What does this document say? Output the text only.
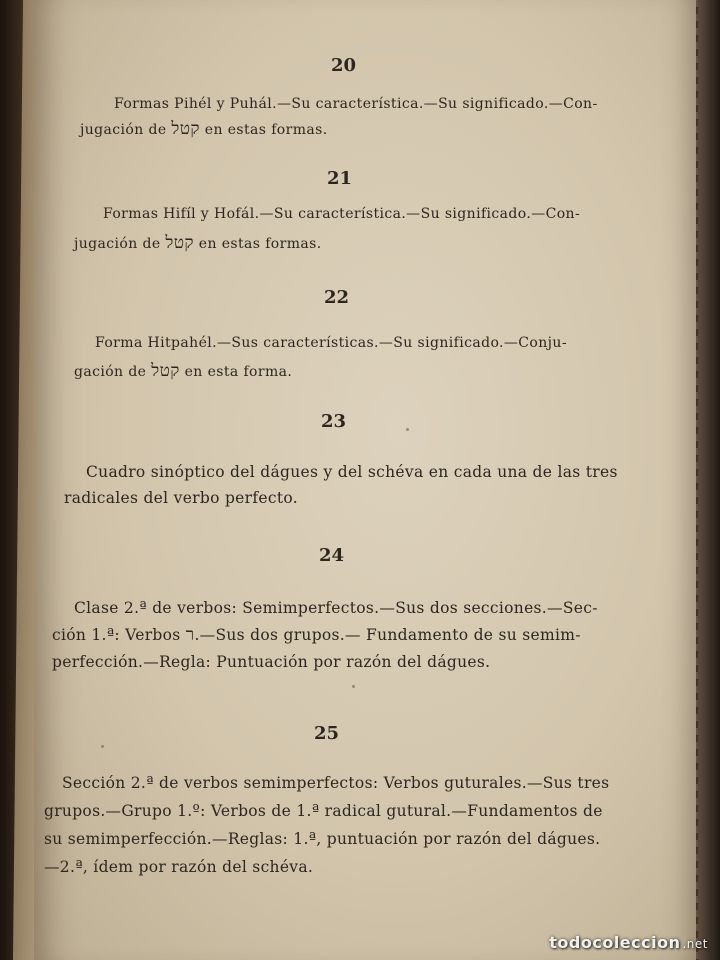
20
Formas Pihél y Puhál.—Su característica.—Su significado.—Con-
jugación de קטל en estas formas.
21
Formas Hifíl y Hofál.—Su característica.—Su significado.—Con-
jugación de קטל en estas formas.
22
Forma Hitpahél.—Sus características.—Su significado.—Conju-
gación de קטל en esta forma.
23
Cuadro sinóptico del dágues y del schéva en cada una de las tres
radicales del verbo perfecto.
24
Clase 2.ª de verbos: Semimperfectos.—Sus dos secciones.—Sec-
ción 1.ª: Verbos ר.—Sus dos grupos.— Fundamento de su semim-
perfección.—Regla: Puntuación por razón del dágues.
25
Sección 2.ª de verbos semimperfectos: Verbos guturales.—Sus tres
grupos.—Grupo 1.º: Verbos de 1.ª radical gutural.—Fundamentos de
su semimperfección.—Reglas: 1.ª, puntuación por razón del dágues.
—2.ª, ídem por razón del schéva.
todocoleccion .net
